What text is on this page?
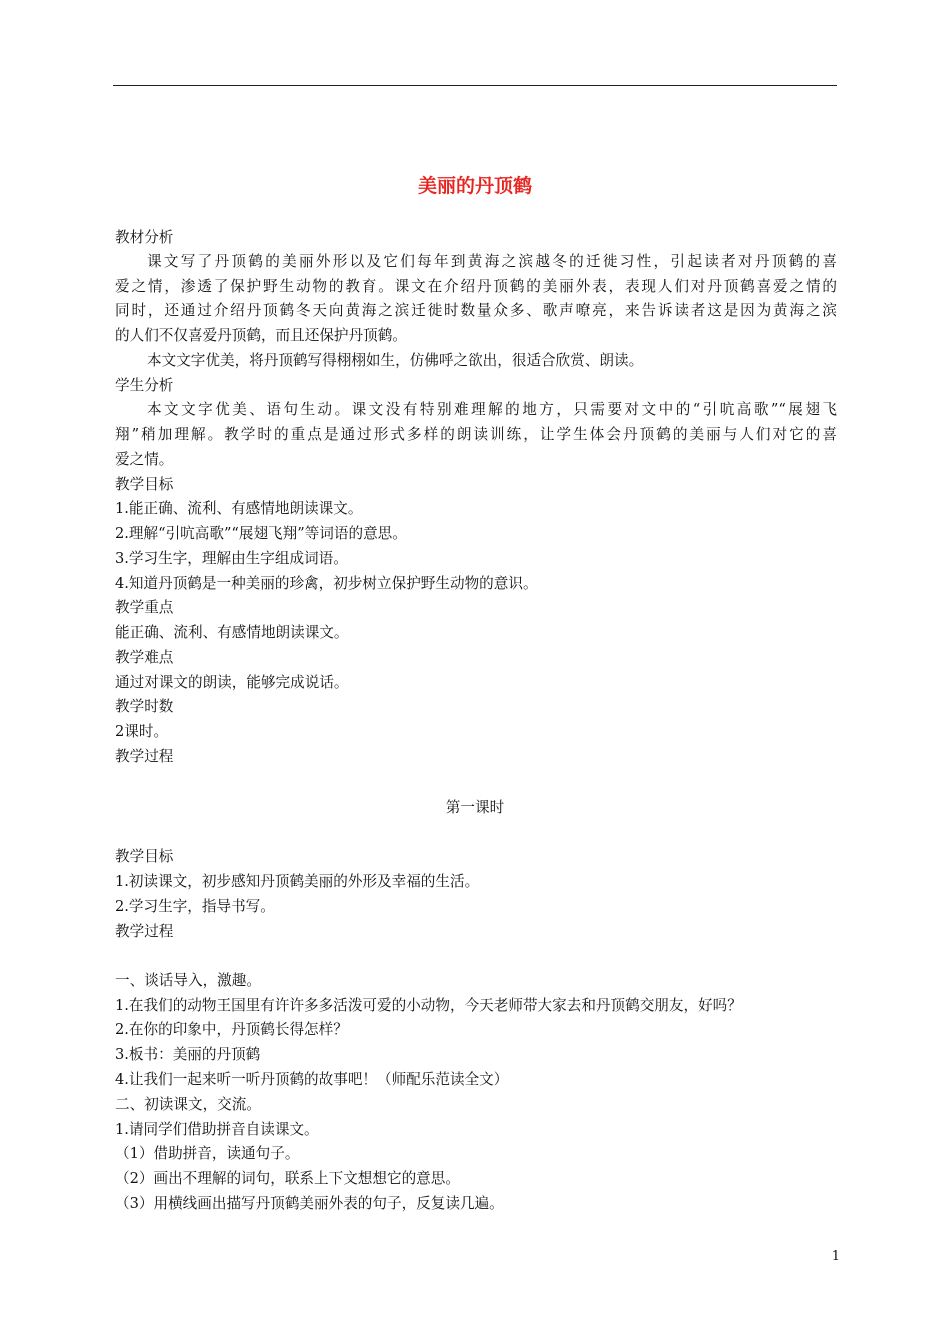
美丽的丹顶鹤
教材分析
课文写了丹顶鹤的美丽外形以及它们每年到黄海之滨越冬的迁徙习性，引起读者对丹顶鹤的喜
爱之情，渗透了保护野生动物的教育。课文在介绍丹顶鹤的美丽外表，表现人们对丹顶鹤喜爱之情的
同时，还通过介绍丹顶鹤冬天向黄海之滨迁徙时数量众多、歌声嘹亮，来告诉读者这是因为黄海之滨
的人们不仅喜爱丹顶鹤，而且还保护丹顶鹤。
本文文字优美，将丹顶鹤写得栩栩如生，仿佛呼之欲出，很适合欣赏、朗读。
学生分析
本文文字优美、语句生动。课文没有特别难理解的地方，只需要对文中的“引吭高歌”“展翅飞
翔”稍加理解。教学时的重点是通过形式多样的朗读训练，让学生体会丹顶鹤的美丽与人们对它的喜
爱之情。
教学目标
1.能正确、流利、有感情地朗读课文。
2.理解“引吭高歌”“展翅飞翔”等词语的意思。
3.学习生字，理解由生字组成词语。
4.知道丹顶鹤是一种美丽的珍禽，初步树立保护野生动物的意识。
教学重点
能正确、流利、有感情地朗读课文。
教学难点
通过对课文的朗读，能够完成说话。
教学时数
2课时。
教学过程
第一课时
教学目标
1.初读课文，初步感知丹顶鹤美丽的外形及幸福的生活。
2.学习生字，指导书写。
教学过程
一、谈话导入，激趣。
1.在我们的动物王国里有许许多多活泼可爱的小动物，今天老师带大家去和丹顶鹤交朋友，好吗？
2.在你的印象中，丹顶鹤长得怎样？
3.板书：美丽的丹顶鹤
4.让我们一起来听一听丹顶鹤的故事吧！（师配乐范读全文）
二、初读课文，交流。
1.请同学们借助拼音自读课文。
（1）借助拼音，读通句子。
（2）画出不理解的词句，联系上下文想想它的意思。
（3）用横线画出描写丹顶鹤美丽外表的句子，反复读几遍。
1
